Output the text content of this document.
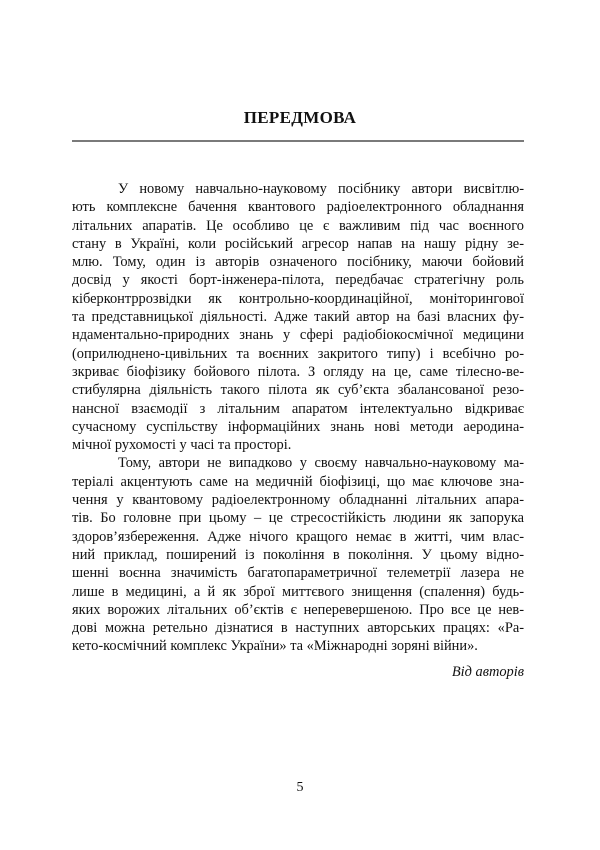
ПЕРЕДМОВА
У новому навчально-науковому посібнику автори висвітлю-
ють комплексне бачення квантового радіоелектронного обладнання
літальних апаратів. Це особливо це є важливим під час воєнного
стану в Україні, коли російський агресор напав на нашу рідну зе-
млю. Тому, один із авторів означеного посібнику, маючи бойовий
досвід у якості борт-інженера-пілота, передбачає стратегічну роль
кіберконтррозвідки як контрольно-координаційної, моніторингової
та представницької діяльності. Адже такий автор на базі власних фу-
ндаментально-природних знань у сфері радіобіокосмічної медицини
(оприлюднено-цивільних та воєнних закритого типу) і всебічно ро-
зкриває біофізику бойового пілота. З огляду на це, саме тілесно-ве-
стибулярна діяльність такого пілота як суб’єкта збалансованої резо-
нансної взаємодії з літальним апаратом інтелектуально відкриває
сучасному суспільству інформаційних знань нові методи аеродина-
мічної рухомості у часі та просторі.
Тому, автори не випадково у своєму навчально-науковому ма-
теріалі акцентують саме на медичній біофізиці, що має ключове зна-
чення у квантовому радіоелектронному обладнанні літальних апара-
тів. Бо головне при цьому – це стресостійкість людини як запорука
здоров’язбереження. Адже нічого кращого немає в житті, чим влас-
ний приклад, поширений із покоління в покоління. У цьому відно-
шенні воєнна значимість багатопараметричної телеметрії лазера не
лише в медицині, а й як зброї миттєвого знищення (спалення) будь-
яких ворожих літальних об’єктів є неперевершеною. Про все це нев-
дові можна ретельно дізнатися в наступних авторських працях: «Ра-
кето-космічний комплекс України» та «Міжнародні зоряні війни».

Від авторів

5
